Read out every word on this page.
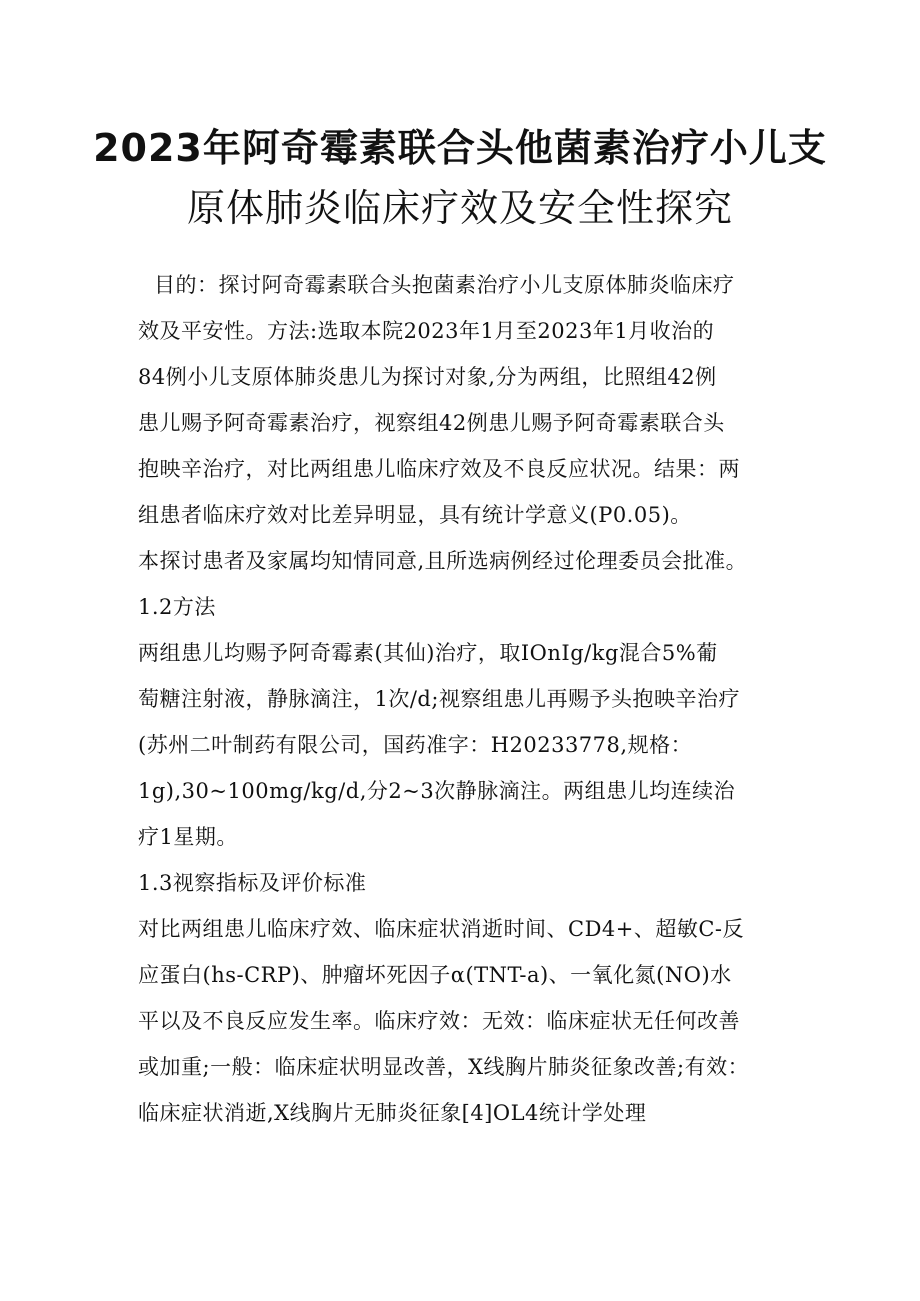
2023年阿奇霉素联合头他菌素治疗小儿支
原体肺炎临床疗效及安全性探究
目的：探讨阿奇霉素联合头抱菌素治疗小儿支原体肺炎临床疗
效及平安性。方法:选取本院2023年1月至2023年1月收治的
84例小儿支原体肺炎患儿为探讨对象,分为两组，比照组42例
患儿赐予阿奇霉素治疗，视察组42例患儿赐予阿奇霉素联合头
抱映辛治疗，对比两组患儿临床疗效及不良反应状况。结果：两
组患者临床疗效对比差异明显，具有统计学意义(P0.05)。
本探讨患者及家属均知情同意,且所选病例经过伦理委员会批准。
1.2方法
两组患儿均赐予阿奇霉素(其仙)治疗，取IOnIg/kg混合5%葡
萄糖注射液，静脉滴注，1次/d;视察组患儿再赐予头抱映辛治疗
(苏州二叶制药有限公司，国药准字：H20233778,规格：
1g),30~100mg/kg/d,分2~3次静脉滴注。两组患儿均连续治
疗1星期。
1.3视察指标及评价标准
对比两组患儿临床疗效、临床症状消逝时间、CD4+、超敏C-反
应蛋白(hs-CRP)、肿瘤坏死因子α(TNT-a)、一氧化氮(NO)水
平以及不良反应发生率。临床疗效：无效：临床症状无任何改善
或加重;一般：临床症状明显改善，X线胸片肺炎征象改善;有效：
临床症状消逝,X线胸片无肺炎征象[4]OL4统计学处理
